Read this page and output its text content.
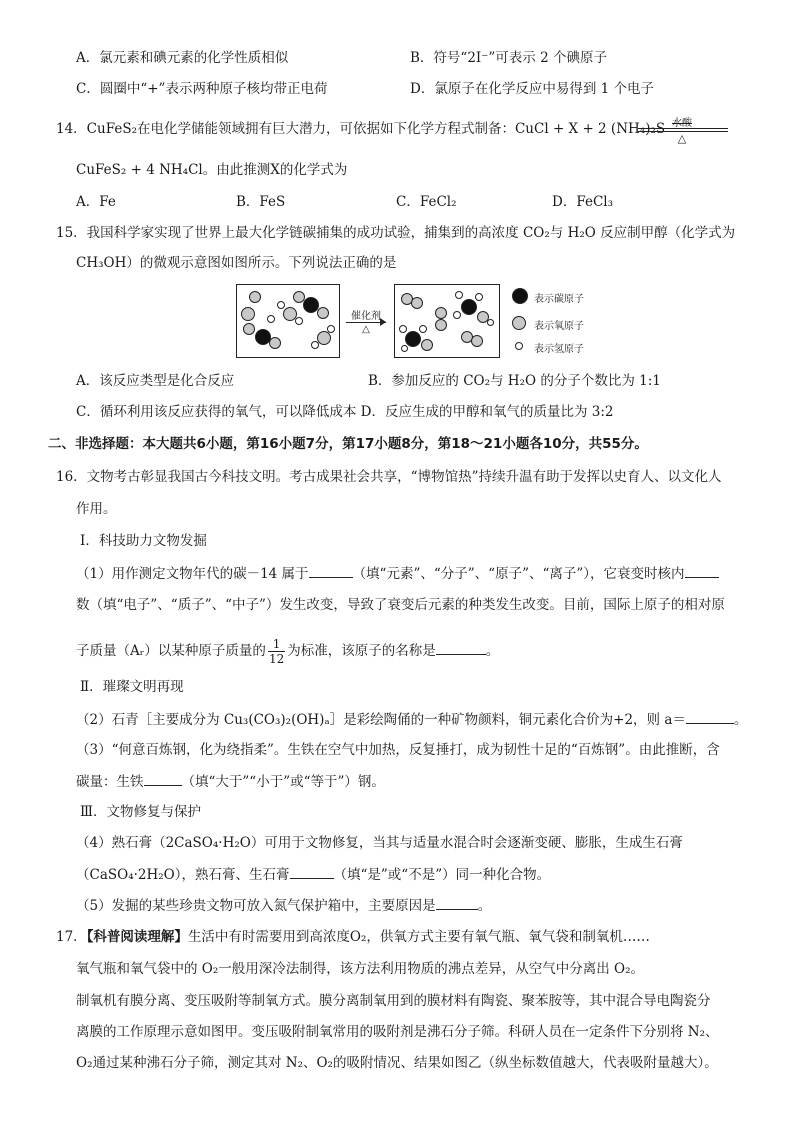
A．氯元素和碘元素的化学性质相似	B．符号“2I⁻”可表示 2 个碘原子
C．圆圈中“+”表示两种原子核均带正电荷	D．氯原子在化学反应中易得到 1 个电子
14．CuFeS₂在电化学储能领域拥有巨大潜力，可依据如下化学方程式制备：CuCl + X + 2 (NH₄)₂S 水酸
△
CuFeS₂ + 4 NH₄Cl。由此推测X的化学式为
A．Fe	B．FeS	C．FeCl₂	D．FeCl₃
15．我国科学家实现了世界上最大化学链碳捕集的成功试验，捕集到的高浓度 CO₂与 H₂O 反应制甲醇（化学式为
CH₃OH）的微观示意图如图所示。下列说法正确的是
催化剂
△
表示碳原子
表示氧原子
表示氢原子
A．该反应类型是化合反应	B．参加反应的 CO₂与 H₂O 的分子个数比为 1:1
C．循环利用该反应获得的氧气，可以降低成本 D．反应生成的甲醇和氧气的质量比为 3:2
二、非选择题：本大题共6小题，第16小题7分，第17小题8分，第18～21小题各10分，共55分。
16．文物考古彰显我国古今科技文明。考古成果社会共享，“博物馆热”持续升温有助于发挥以史育人、以文化人
作用。
Ⅰ．科技助力文物发掘
（1）用作测定文物年代的碳－14 属于	（填“元素”、“分子”、“原子”、“离子”），它衰变时核内
数（填“电子”、“质子”、“中子”）发生改变，导致了衰变后元素的种类发生改变。目前，国际上原子的相对原
子质量（Aᵣ）以某种原子质量的 $\frac{1}{12}$ 为标准，该原子的名称是	。
Ⅱ．璀璨文明再现
（2）石青［主要成分为 Cu₃(CO₃)₂(OH)ₐ］是彩绘陶俑的一种矿物颜料，铜元素化合价为+2，则 a＝	。
（3）“何意百炼钢，化为绕指柔”。生铁在空气中加热，反复捶打，成为韧性十足的“百炼钢”。由此推断，含
碳量：生铁	（填“大于”“小于”或“等于”）钢。
Ⅲ．文物修复与保护
（4）熟石膏（2CaSO₄·H₂O）可用于文物修复，当其与适量水混合时会逐渐变硬、膨胀，生成生石膏
（CaSO₄·2H₂O），熟石膏、生石膏	（填“是”或“不是”）同一种化合物。
（5）发掘的某些珍贵文物可放入氮气保护箱中，主要原因是	。
17．【科普阅读理解】生活中有时需要用到高浓度O₂，供氧方式主要有氧气瓶、氧气袋和制氧机……
氧气瓶和氧气袋中的 O₂一般用深冷法制得，该方法利用物质的沸点差异，从空气中分离出 O₂。
制氧机有膜分离、变压吸附等制氧方式。膜分离制氧用到的膜材料有陶瓷、聚苯胺等，其中混合导电陶瓷分
离膜的工作原理示意如图甲。变压吸附制氧常用的吸附剂是沸石分子筛。科研人员在一定条件下分别将 N₂、
O₂通过某种沸石分子筛，测定其对 N₂、O₂的吸附情况、结果如图乙（纵坐标数值越大，代表吸附量越大）。
